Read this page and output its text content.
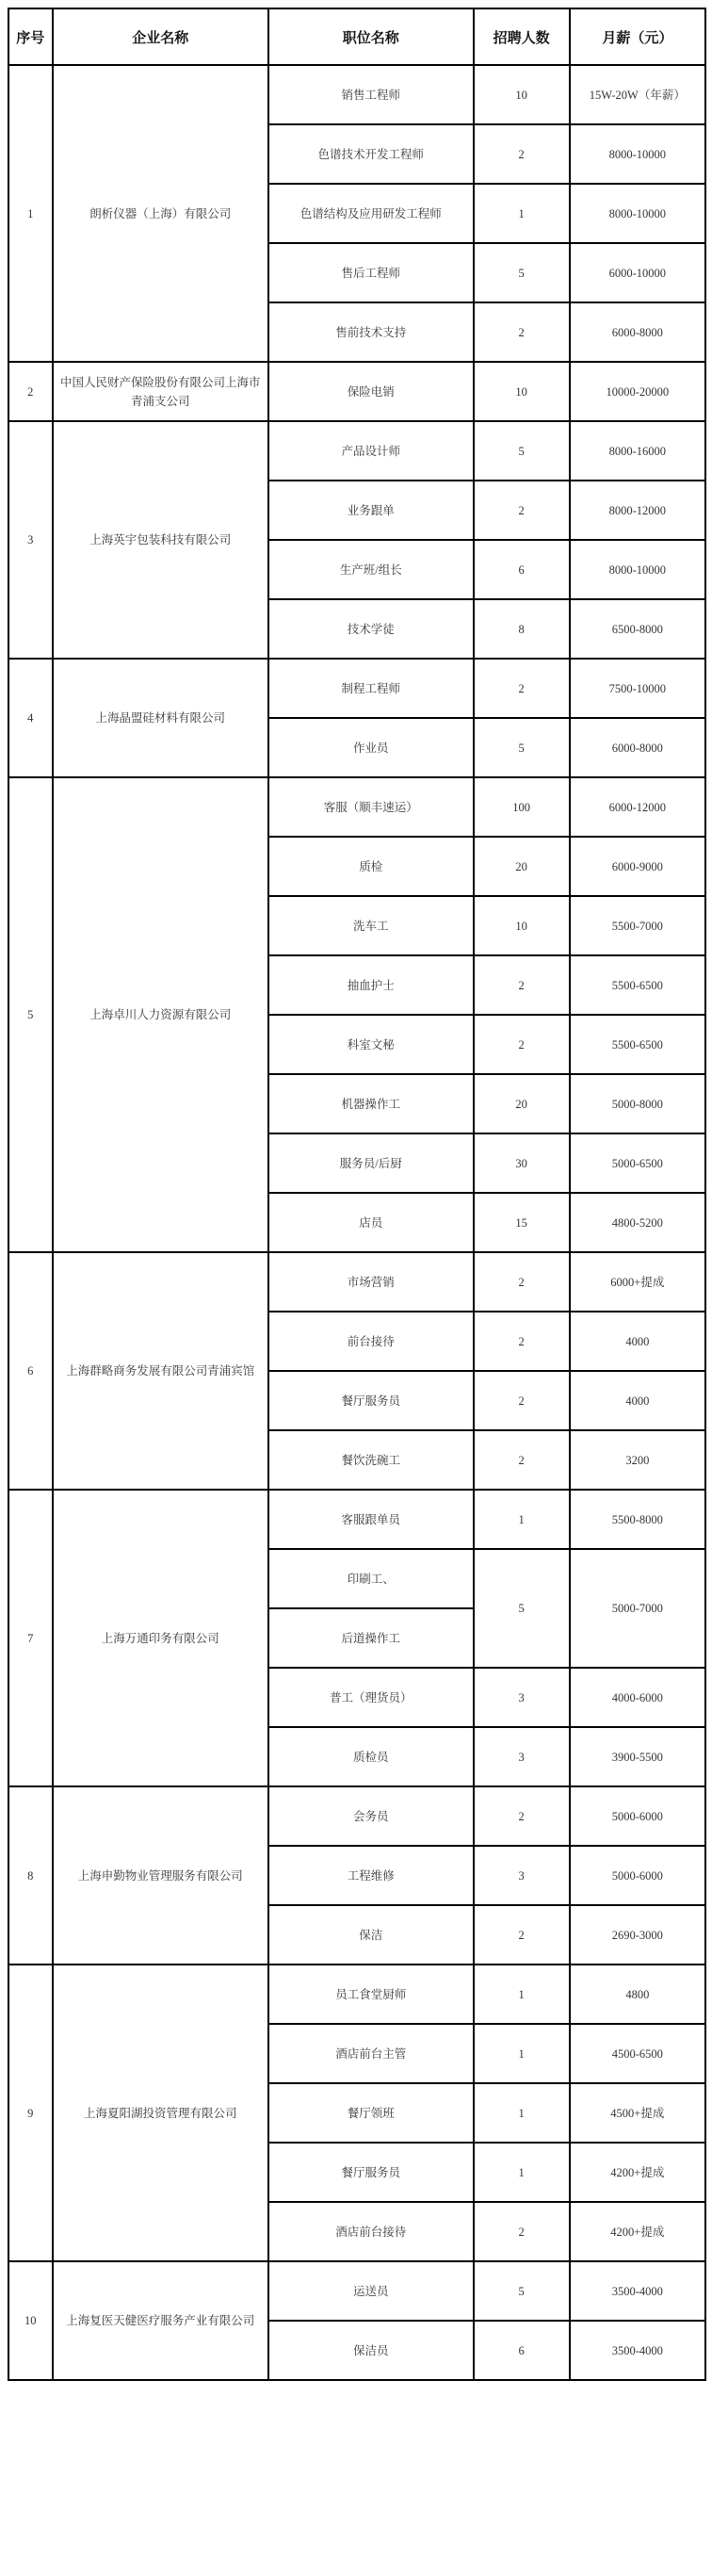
序号	企业名称	职位名称	招聘人数	月薪（元）
1	朗析仪器（上海）有限公司	销售工程师	10	15W-20W（年薪）
		色谱技术开发工程师	2	8000-10000
		色谱结构及应用研发工程师	1	8000-10000
		售后工程师	5	6000-10000
		售前技术支持	2	6000-8000
2	中国人民财产保险股份有限公司上海市青浦支公司	保险电销	10	10000-20000
3	上海英宇包装科技有限公司	产品设计师	5	8000-16000
		业务跟单	2	8000-12000
		生产班/组长	6	8000-10000
		技术学徒	8	6500-8000
4	上海晶盟硅材料有限公司	制程工程师	2	7500-10000
		作业员	5	6000-8000
5	上海卓川人力资源有限公司	客服（顺丰速运）	100	6000-12000
		质检	20	6000-9000
		洗车工	10	5500-7000
		抽血护士	2	5500-6500
		科室文秘	2	5500-6500
		机器操作工	20	5000-8000
		服务员/后厨	30	5000-6500
		店员	15	4800-5200
6	上海群略商务发展有限公司青浦宾馆	市场营销	2	6000+提成
		前台接待	2	4000
		餐厅服务员	2	4000
		餐饮洗碗工	2	3200
7	上海万通印务有限公司	客服跟单员	1	5500-8000
		印刷工、	5	5000-7000
		后道操作工		
		普工（理货员）	3	4000-6000
		质检员	3	3900-5500
8	上海申勤物业管理服务有限公司	会务员	2	5000-6000
		工程维修	3	5000-6000
		保洁	2	2690-3000
9	上海夏阳湖投资管理有限公司	员工食堂厨师	1	4800
		酒店前台主管	1	4500-6500
		餐厅领班	1	4500+提成
		餐厅服务员	1	4200+提成
		酒店前台接待	2	4200+提成
10	上海复医天健医疗服务产业有限公司	运送员	5	3500-4000
		保洁员	6	3500-4000
